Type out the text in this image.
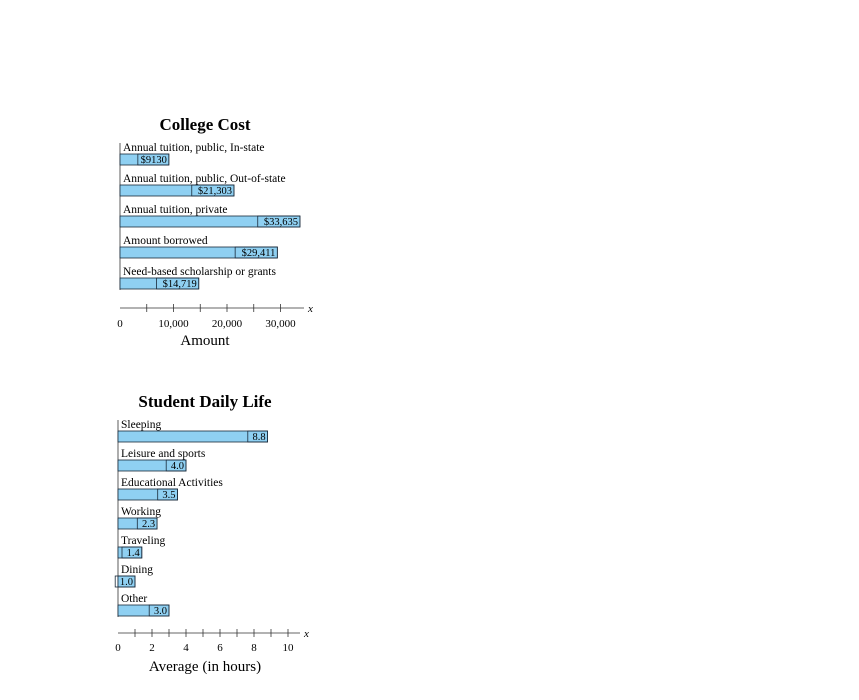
College Cost
Annual tuition, public, In-state
$9130
Annual tuition, public, Out-of-state
$21,303
Annual tuition, private
$33,635
Amount borrowed
$29,411
Need-based scholarship or grants
$14,719
0	10,000 20,000 30,000
x
Amount
Student Daily Life
Sleeping
8.8
Leisure and sports
4.0
Educational Activities
3.5
Working
2.3
Traveling
1.4
Dining
1.0
Other
3.0
0	2	4	6	8 10
x
Average (in hours)
